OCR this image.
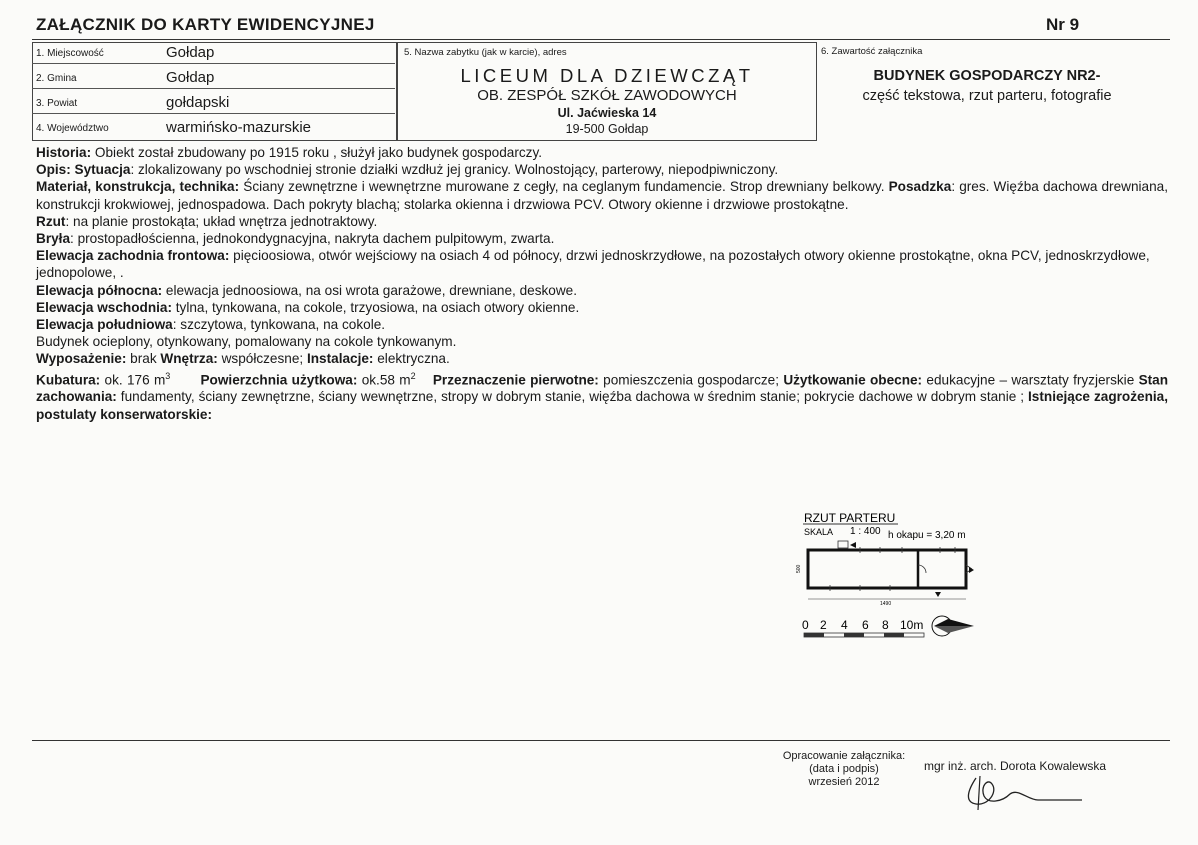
ZAŁĄCZNIK DO KARTY EWIDENCYJNEJ	Nr 9
1. Miejscowość	Gołdap
2. Gmina	Gołdap
3. Powiat	gołdapski
4. Województwo	warmińsko-mazurskie
5. Nazwa zabytku (jak w karcie), adres
LICEUM DLA DZIEWCZĄT
OB. ZESPÓŁ SZKÓŁ ZAWODOWYCH
Ul. Jaćwieska 14
19-500 Gołdap
6. Zawartość załącznika
BUDYNEK GOSPODARCZY NR2-
część tekstowa, rzut parteru, fotografie

Historia: Obiekt został zbudowany po 1915 roku , służył jako budynek gospodarczy.

Opis: Sytuacja: zlokalizowany po wschodniej stronie działki wzdłuż jej granicy. Wolnostojący, parterowy, niepodpiwniczony.

Materiał, konstrukcja, technika: Ściany zewnętrzne i wewnętrzne murowane z cegły, na ceglanym fundamencie. Strop drewniany belkowy. Posadzka: gres. Więźba dachowa drewniana, konstrukcji krokwiowej, jednospadowa. Dach pokryty blachą; stolarka okienna i drzwiowa PCV. Otwory okienne i drzwiowe prostokątne.

Rzut: na planie prostokąta; układ wnętrza jednotraktowy.

Bryła: prostopadłościenna, jednokondygnacyjna, nakryta dachem pulpitowym, zwarta.

Elewacja zachodnia frontowa: pięcioosiowa, otwór wejściowy na osiach 4 od północy, drzwi jednoskrzydłowe, na pozostałych otwory okienne prostokątne, okna PCV, jednoskrzydłowe, jednopolowe, .

Elewacja północna: elewacja jednoosiowa, na osi wrota garażowe, drewniane, deskowe.

Elewacja wschodnia: tylna, tynkowana, na cokole, trzyosiowa, na osiach otwory okienne.

Elewacja południowa: szczytowa, tynkowana, na cokole.

Budynek ocieplony, otynkowany, pomalowany na cokole tynkowanym.

Wyposażenie: brak Wnętrza: współczesne; Instalacje: elektryczna.

Kubatura: ok. 176 $m^3$ Powierzchnia użytkowa: ok.58 $m^2$ Przeznaczenie pierwotne: pomieszczenia gospodarcze; Użytkowanie obecne: edukacyjne – warsztaty fryzjerskie Stan zachowania: fundamenty, ściany zewnętrzne, ściany wewnętrzne, stropy w dobrym stanie, więźba dachowa w średnim stanie; pokrycie dachowe w dobrym stanie ; Istniejące zagrożenia, postulaty konserwatorskie:

RZUT PARTERU
SKALA 1 : 400 h okapu = 3,20 m
1490
500
0 2 4 6 8 10m
Opracowanie załącznika:
(data i podpis)
wrzesień 2012
mgr inż. arch. Dorota Kowalewska
